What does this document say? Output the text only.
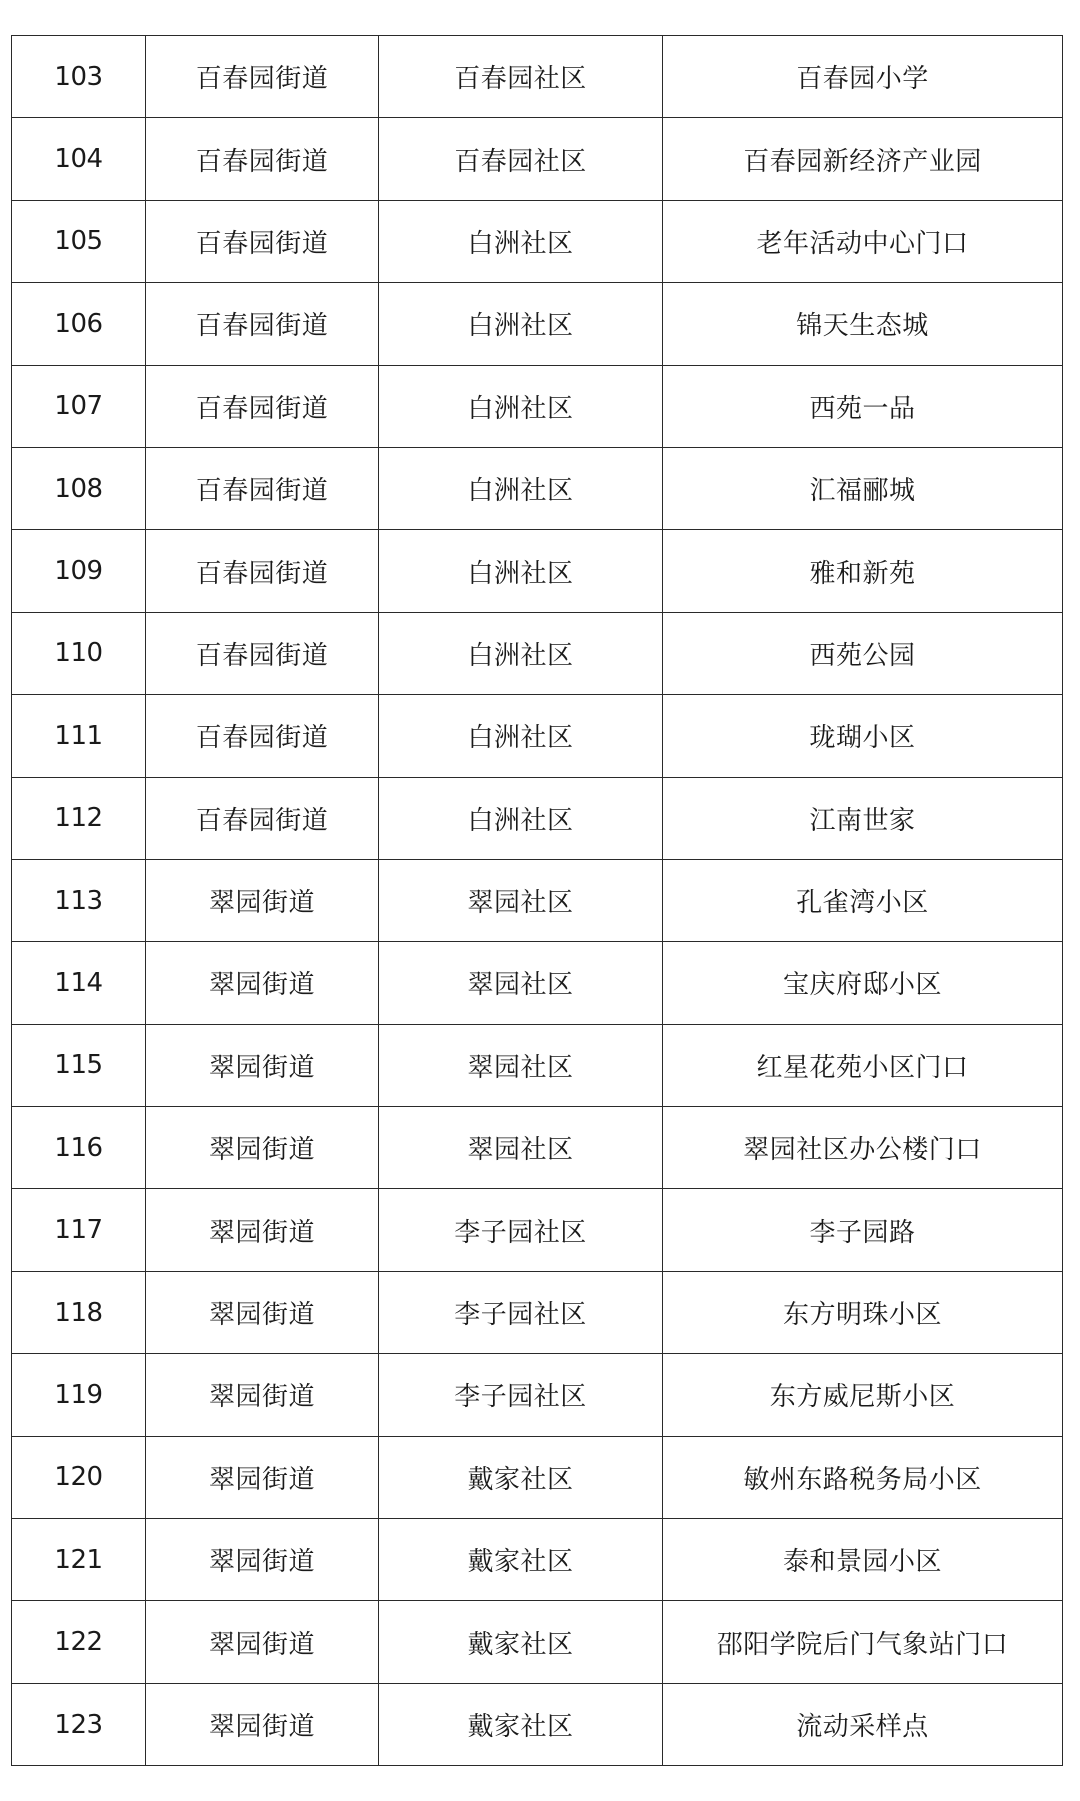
103	百春园街道	百春园社区	百春园小学
104	百春园街道	百春园社区	百春园新经济产业园
105	百春园街道	白洲社区	老年活动中心门口
106	百春园街道	白洲社区	锦天生态城
107	百春园街道	白洲社区	西苑一品
108	百春园街道	白洲社区	汇福郦城
109	百春园街道	白洲社区	雅和新苑
110	百春园街道	白洲社区	西苑公园
111	百春园街道	白洲社区	珑瑚小区
112	百春园街道	白洲社区	江南世家
113	翠园街道	翠园社区	孔雀湾小区
114	翠园街道	翠园社区	宝庆府邸小区
115	翠园街道	翠园社区	红星花苑小区门口
116	翠园街道	翠园社区	翠园社区办公楼门口
117	翠园街道	李子园社区	李子园路
118	翠园街道	李子园社区	东方明珠小区
119	翠园街道	李子园社区	东方威尼斯小区
120	翠园街道	戴家社区	敏州东路税务局小区
121	翠园街道	戴家社区	泰和景园小区
122	翠园街道	戴家社区	邵阳学院后门气象站门口
123	翠园街道	戴家社区	流动采样点
